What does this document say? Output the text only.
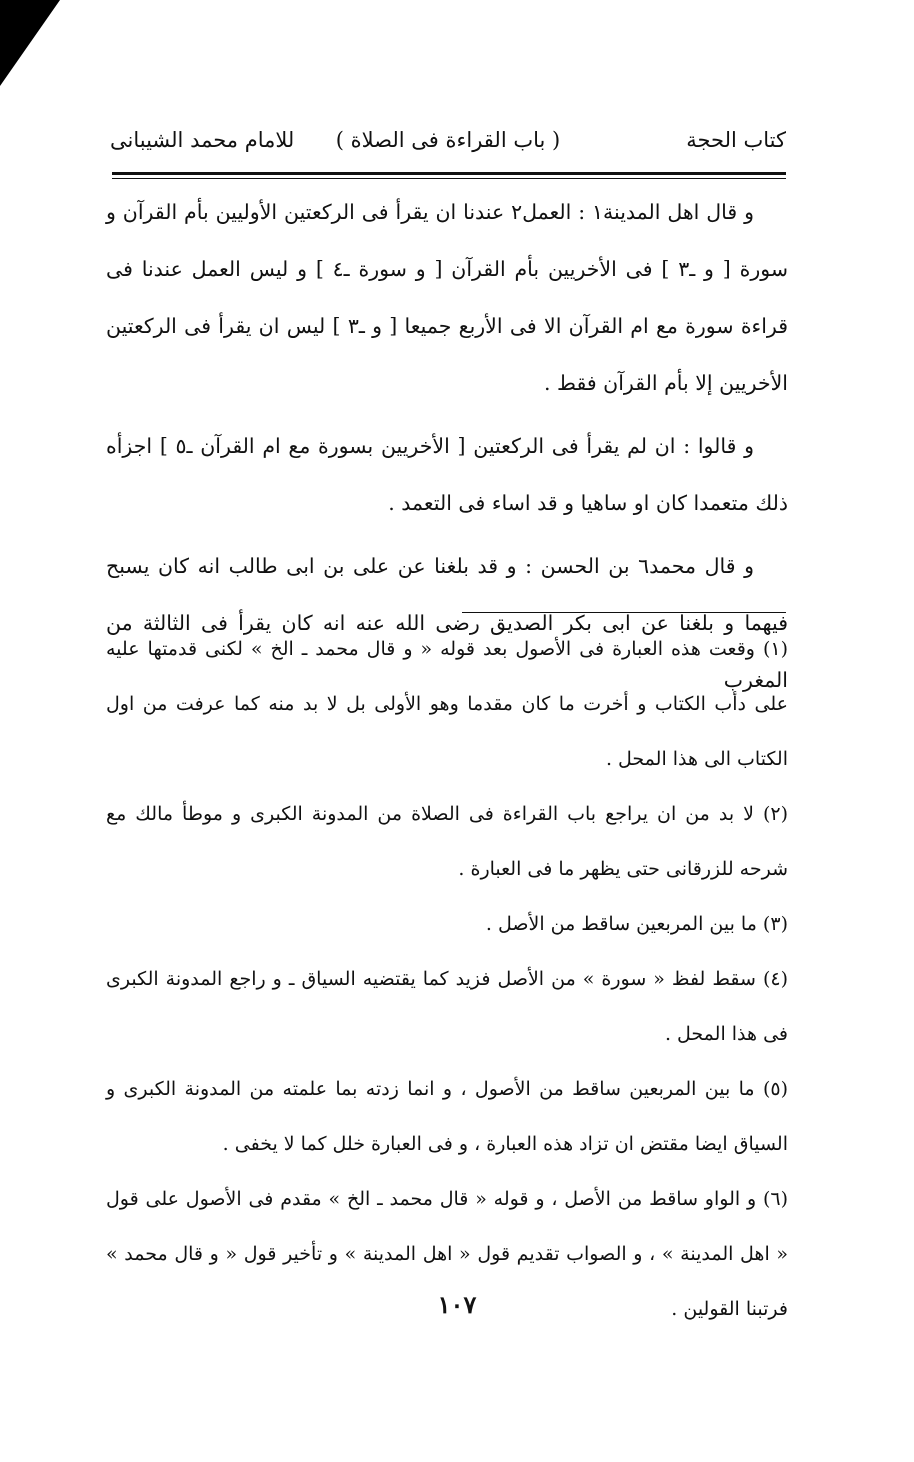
كتاب الحجة
( باب القراءة فى الصلاة )
للامام محمد الشيبانى

و قال اهل المدينة١ : العمل٢ عندنا ان يقرأ فى الركعتين الأوليين بأم القرآن و سورة [ و ـ٣ ] فى الأخريين بأم القرآن [ و سورة ـ٤ ] و ليس العمل عندنا فى قراءة سورة مع ام القرآن الا فى الأربع جميعا [ و ـ٣ ] ليس ان يقرأ فى الركعتين الأخريين إلا بأم القرآن فقط .

و قالوا : ان لم يقرأ فى الركعتين [ الأخريين بسورة مع ام القرآن ـ٥ ] اجزأه ذلك متعمدا كان او ساهيا و قد اساء فى التعمد .

و قال محمد٦ بن الحسن : و قد بلغنا عن على بن ابى طالب انه كان يسبح فيهما و بلغنا عن ابى بكر الصديق رضى الله عنه انه كان يقرأ فى الثالثة من المغرب

(١) وقعت هذه العبارة فى الأصول بعد قوله « و قال محمد ـ الخ » لكنى قدمتها عليه على دأب الكتاب و أخرت ما كان مقدما وهو الأولى بل لا بد منه كما عرفت من اول الكتاب الى هذا المحل .

(٢) لا بد من ان يراجع باب القراءة فى الصلاة من المدونة الكبرى و موطأ مالك مع شرحه للزرقانى حتى يظهر ما فى العبارة .

(٣) ما بين المربعين ساقط من الأصل .

(٤) سقط لفظ « سورة » من الأصل فزيد كما يقتضيه السياق ـ و راجع المدونة الكبرى فى هذا المحل .

(٥) ما بين المربعين ساقط من الأصول ، و انما زدته بما علمته من المدونة الكبرى و السياق ايضا مقتض ان تزاد هذه العبارة ، و فى العبارة خلل كما لا يخفى .

(٦) و الواو ساقط من الأصل ، و قوله « قال محمد ـ الخ » مقدم فى الأصول على قول « اهل المدينة » ، و الصواب تقديم قول « اهل المدينة » و تأخير قول « و قال محمد » فرتبنا القولين .

١٠٧
